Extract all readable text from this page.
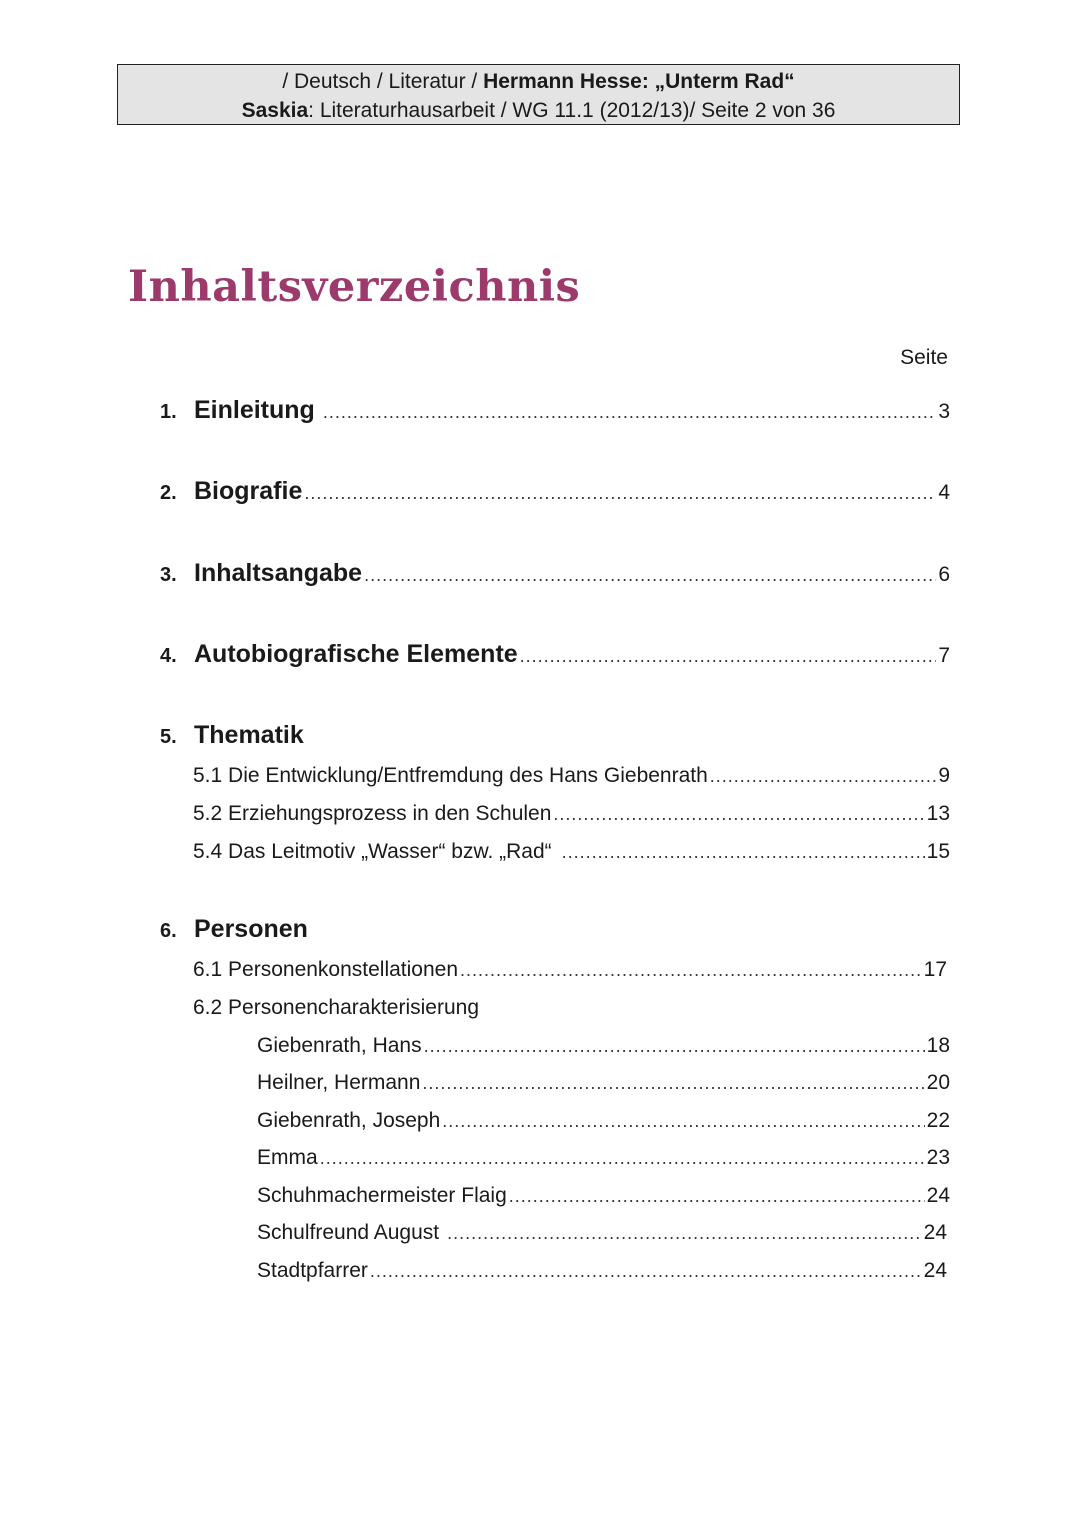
/ Deutsch / Literatur / Hermann Hesse: „Unterm Rad“
Saskia: Literaturhausarbeit / WG 11.1 (2012/13)/ Seite 2 von 36
Inhaltsverzeichnis
Seite
1. Einleitung .....	3
2. Biografie .....	4
3. Inhaltsangabe .....	6
4. Autobiografische Elemente .....	7
5. Thematik
5.1 Die Entwicklung/Entfremdung des Hans Giebenrath .....	9
5.2 Erziehungsprozess in den Schulen .....	13
5.4 Das Leitmotiv „Wasser“ bzw. „Rad“ .....	15
6. Personen
6.1 Personenkonstellationen .....	17
6.2 Personencharakterisierung
Giebenrath, Hans .....	18
Heilner, Hermann .....	20
Giebenrath, Joseph .....	22
Emma .....	23
Schuhmachermeister Flaig .....	24
Schulfreund August .....	24
Stadtpfarrer .....	24
